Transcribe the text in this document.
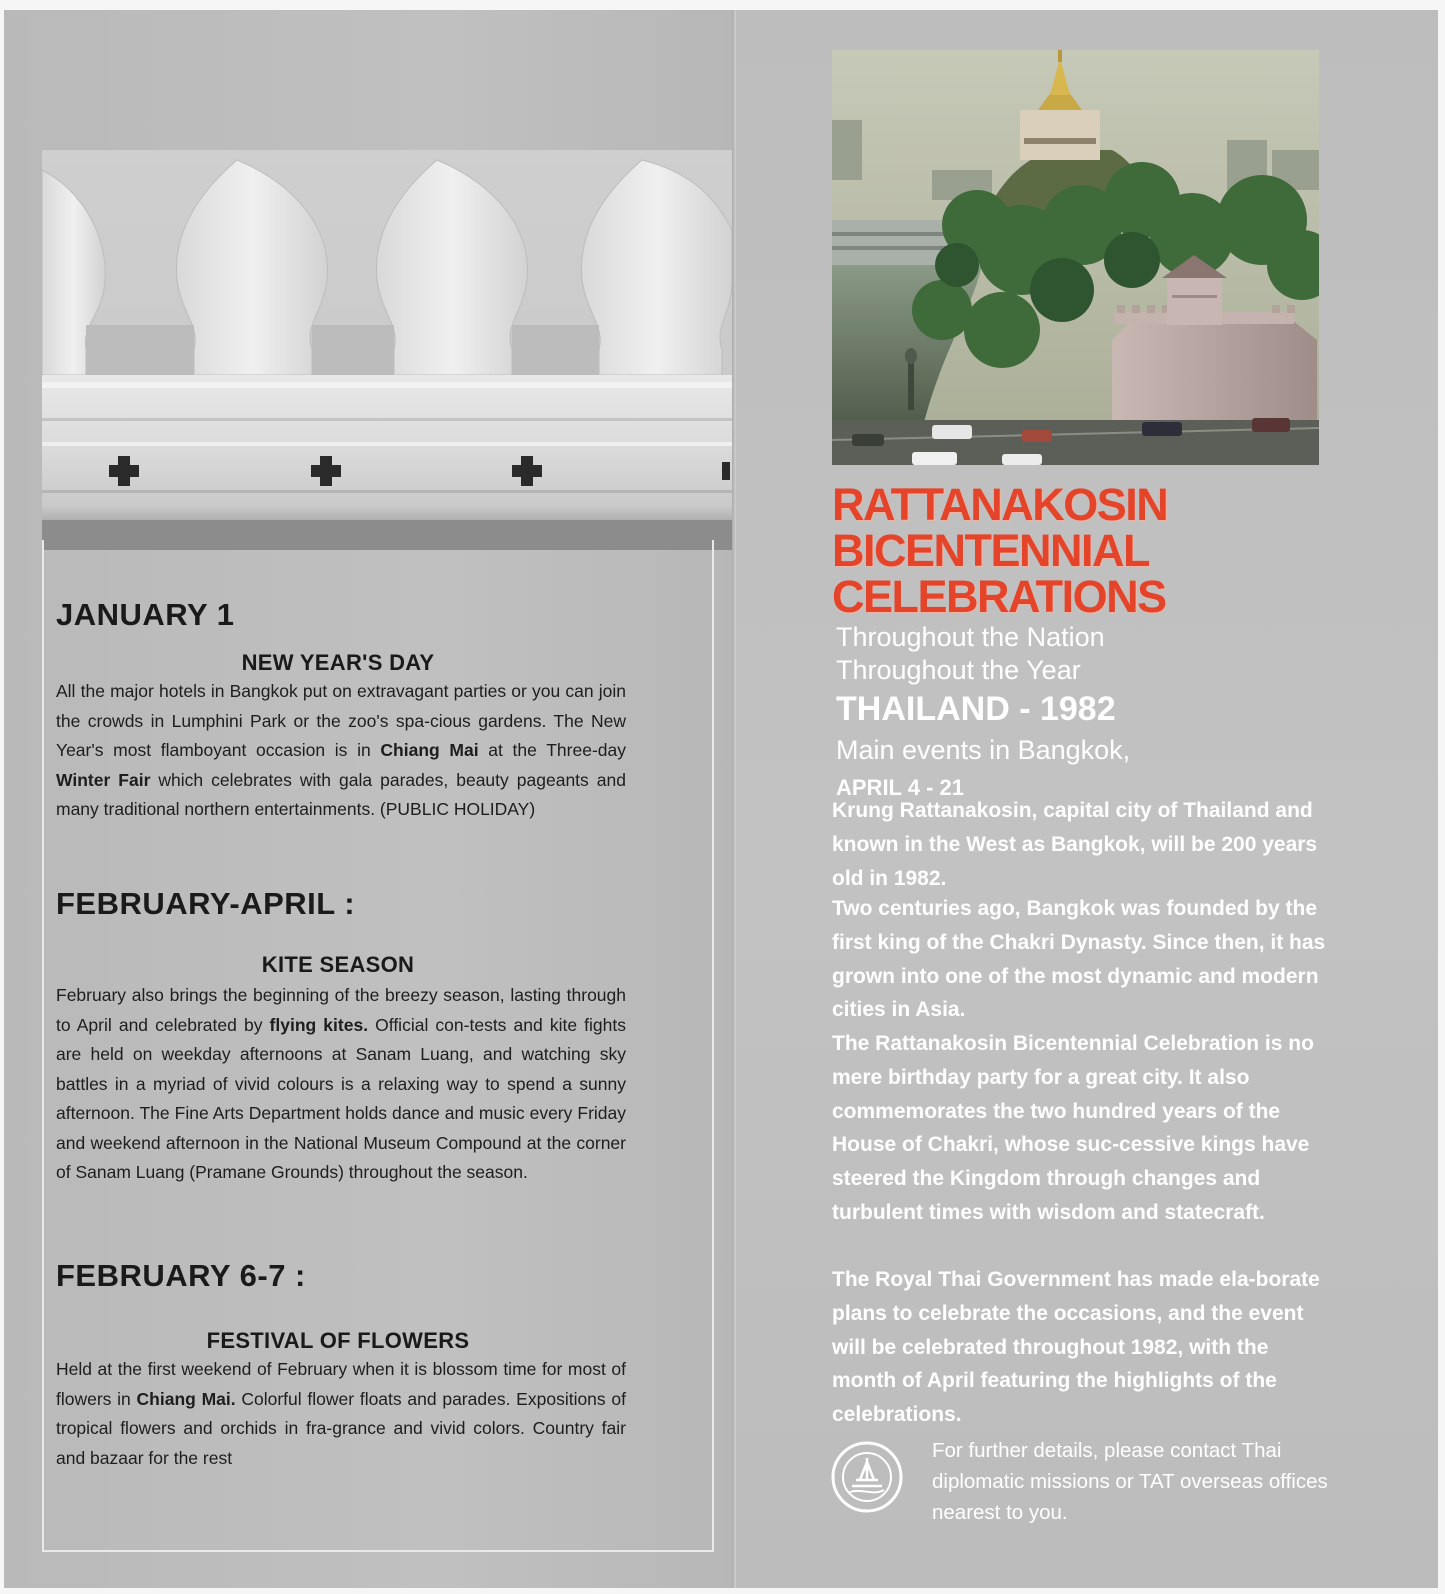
JANUARY 1
NEW YEAR'S DAY
All the major hotels in Bangkok put on extravagant parties or you can join the crowds in Lumphini Park or the zoo's spa-cious gardens. The New Year's most flamboyant occasion is in Chiang Mai at the Three-day Winter Fair which celebrates with gala parades, beauty pageants and many traditional northern entertainments. (PUBLIC HOLIDAY)
FEBRUARY-APRIL :
KITE SEASON
February also brings the beginning of the breezy season, lasting through to April and celebrated by flying kites. Official con-tests and kite fights are held on weekday afternoons at Sanam Luang, and watching sky battles in a myriad of vivid colours is a relaxing way to spend a sunny afternoon. The Fine Arts Department holds dance and music every Friday and weekend afternoon in the National Museum Compound at the corner of Sanam Luang (Pramane Grounds) throughout the season.
FEBRUARY 6-7 :
FESTIVAL OF FLOWERS
Held at the first weekend of February when it is blossom time for most of flowers in Chiang Mai. Colorful flower floats and parades. Expositions of tropical flowers and orchids in fra-grance and vivid colors. Country fair and bazaar for the rest
RATTANAKOSIN
BICENTENNIAL
CELEBRATIONS
Throughout the Nation
Throughout the Year
THAILAND - 1982
Main events in Bangkok,
APRIL 4 - 21
Krung Rattanakosin, capital city of Thailand and known in the West as Bangkok, will be 200 years old in 1982.
Two centuries ago, Bangkok was founded by the first king of the Chakri Dynasty. Since then, it has grown into one of the most dynamic and modern cities in Asia.
The Rattanakosin Bicentennial Celebration is no mere birthday party for a great city. It also commemorates the two hundred years of the House of Chakri, whose suc-cessive kings have steered the Kingdom through changes and turbulent times with wisdom and statecraft.
The Royal Thai Government has made ela-borate plans to celebrate the occasions, and the event will be celebrated throughout 1982, with the month of April featuring the highlights of the celebrations.
For further details, please contact Thai diplomatic missions or TAT overseas offices nearest to you.
